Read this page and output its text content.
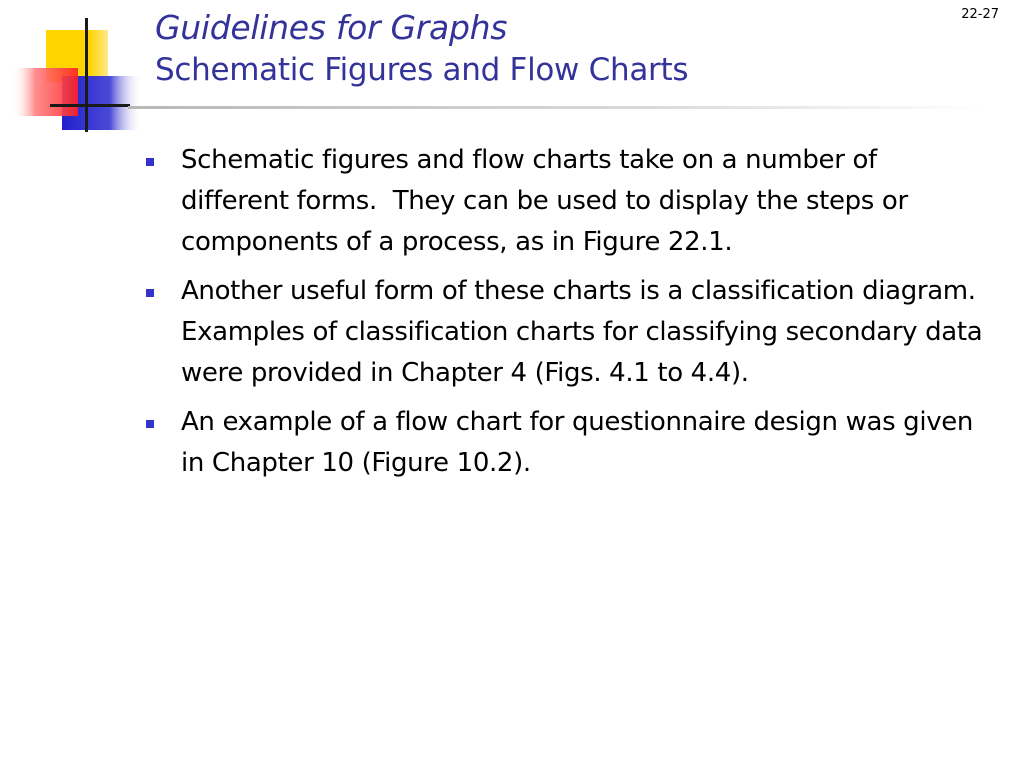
22-27
Guidelines for Graphs
Schematic Figures and Flow Charts
Schematic figures and flow charts take on a number of different forms.  They can be used to display the steps or components of a process, as in Figure 22.1.
Another useful form of these charts is a classification diagram.  Examples of classification charts for classifying secondary data were provided in Chapter 4 (Figs. 4.1 to 4.4).
An example of a flow chart for questionnaire design was given in Chapter 10 (Figure 10.2).
